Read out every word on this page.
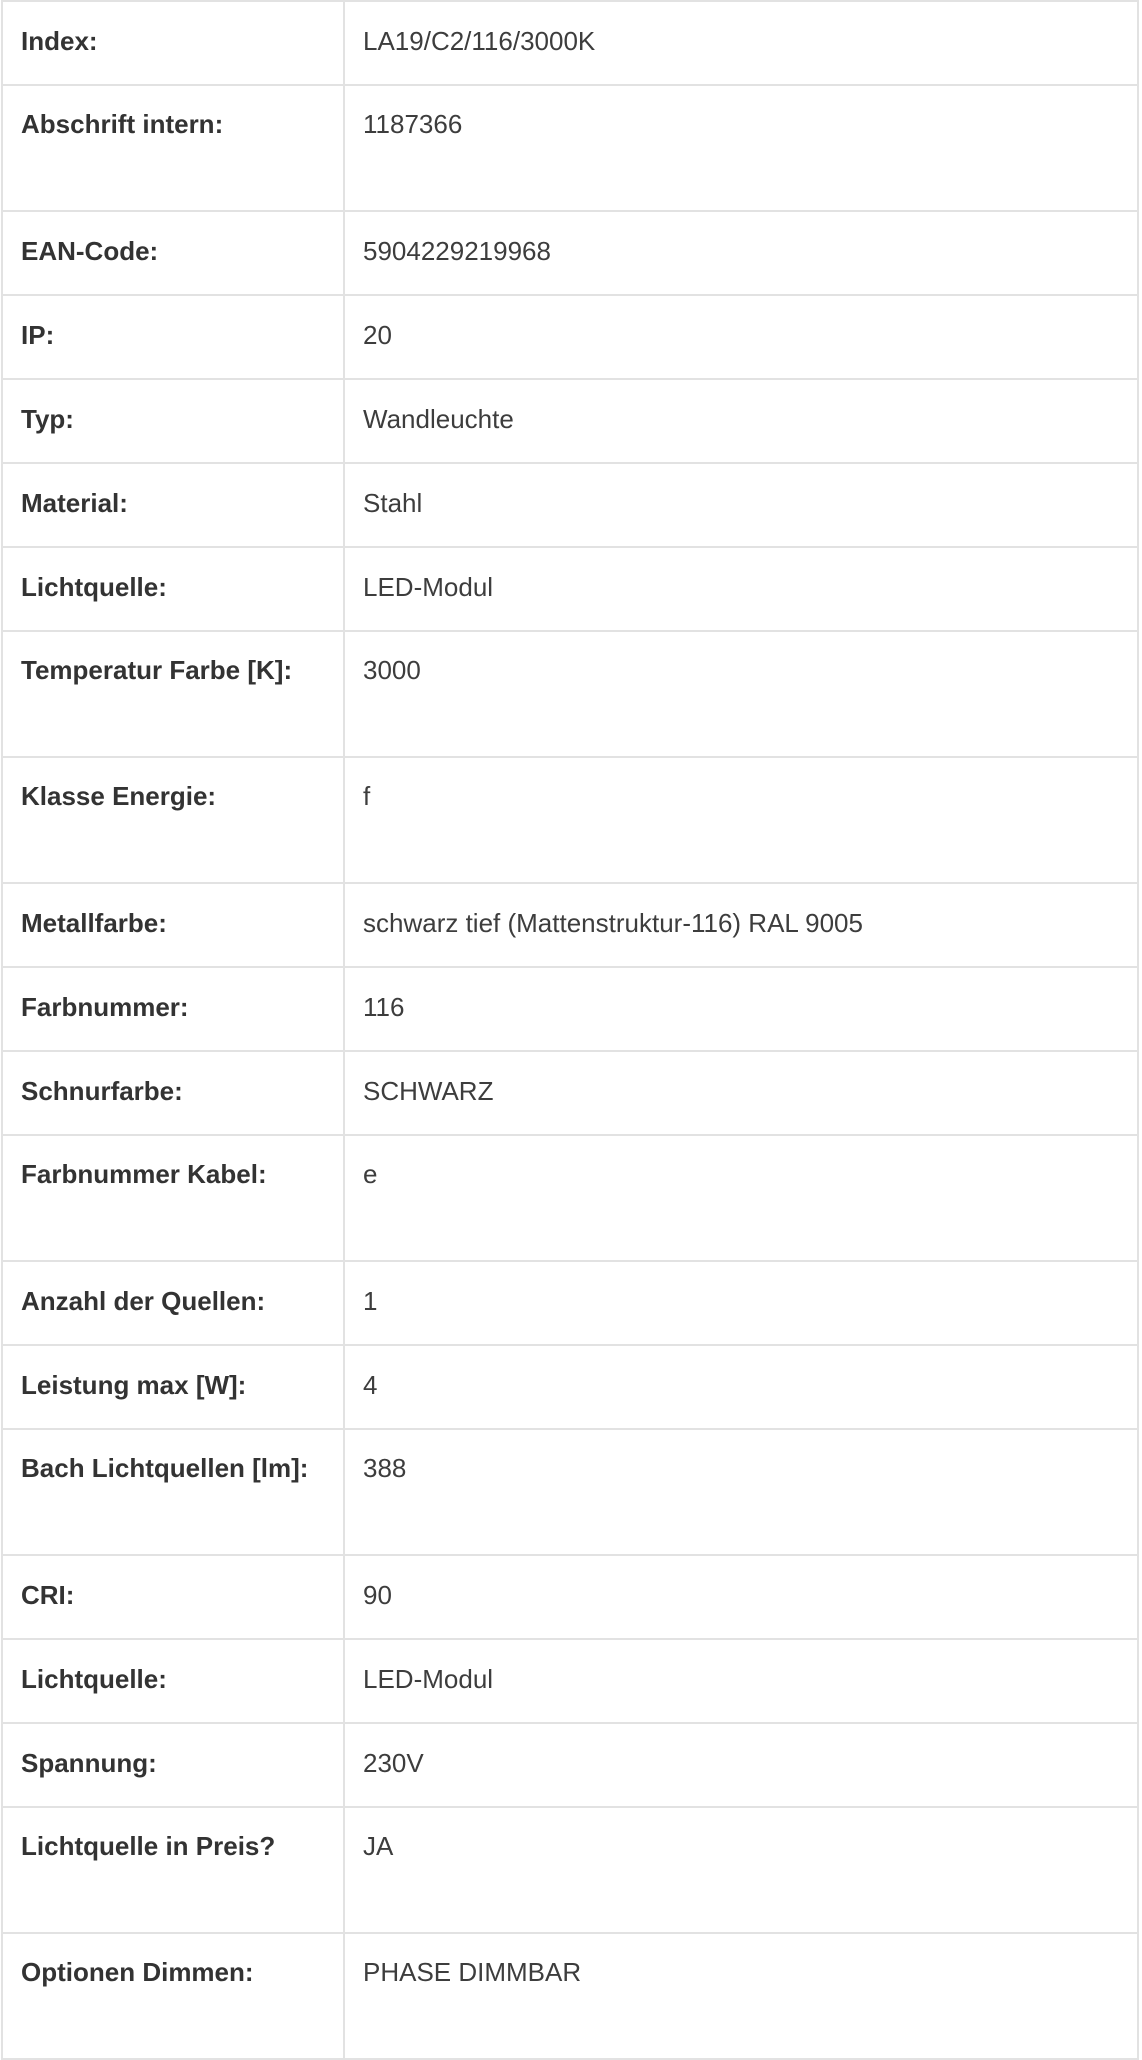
Index:	LA19/C2/116/3000K
Abschrift intern:	1187366
EAN-Code:	5904229219968
IP:	20
Typ:	Wandleuchte
Material:	Stahl
Lichtquelle:	LED-Modul
Temperatur Farbe [K]:	3000
Klasse Energie:	f
Metallfarbe:	schwarz tief (Mattenstruktur-116) RAL 9005
Farbnummer:	116
Schnurfarbe:	SCHWARZ
Farbnummer Kabel:	e
Anzahl der Quellen:	1
Leistung max [W]:	4
Bach Lichtquellen [lm]:	388
CRI:	90
Lichtquelle:	LED-Modul
Spannung:	230V
Lichtquelle in Preis?	JA
Optionen Dimmen:	PHASE DIMMBAR
